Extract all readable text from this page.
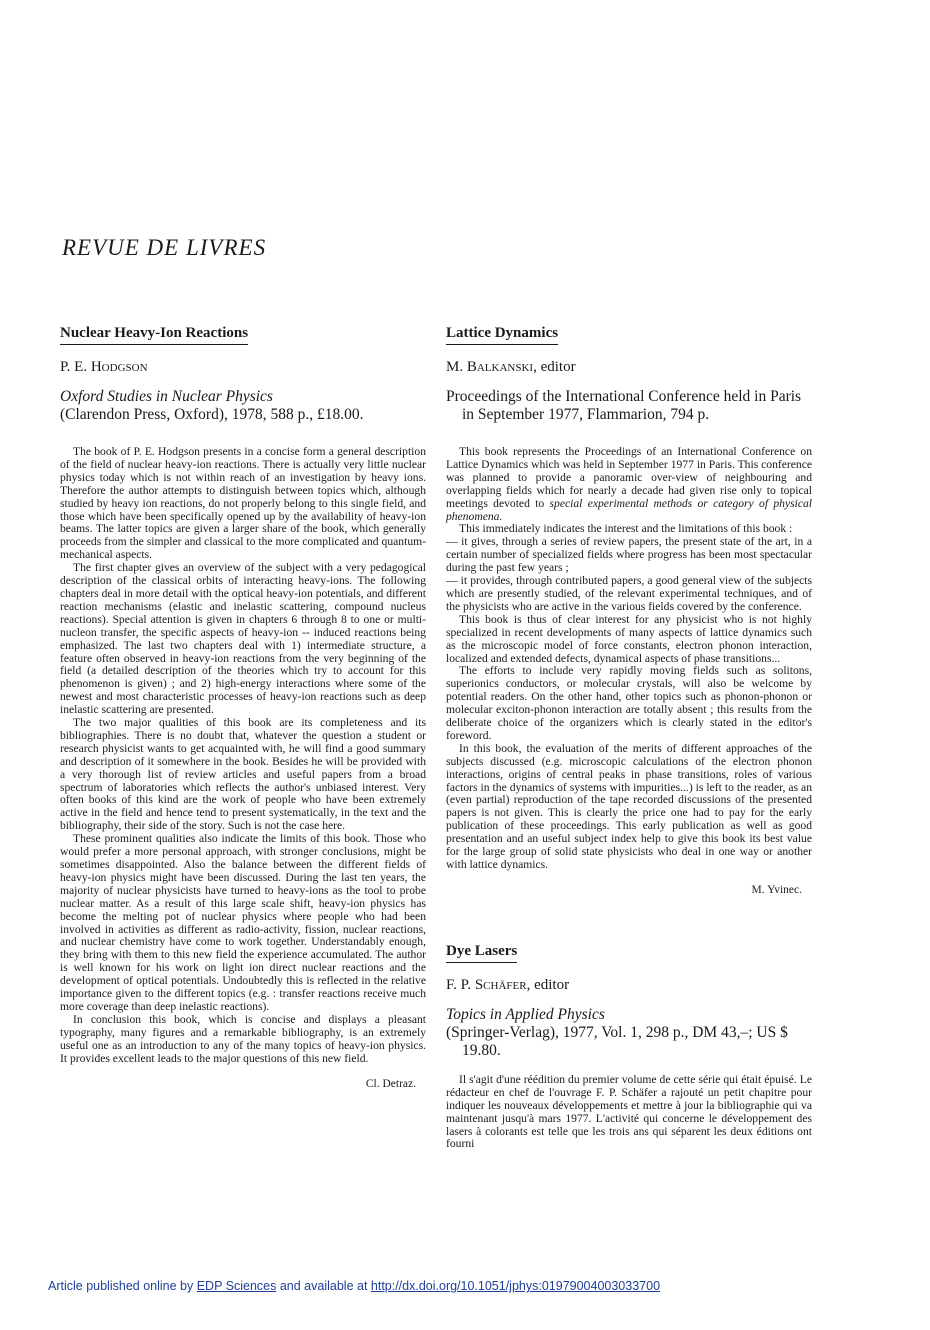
REVUE DE LIVRES
Nuclear Heavy-Ion Reactions
P. E. Hodgson
Oxford Studies in Nuclear Physics
(Clarendon Press, Oxford), 1978, 588 p., £18.00.

The book of P. E. Hodgson presents in a concise form a general description of the field of nuclear heavy-ion reactions. There is actually very little nuclear physics today which is not within reach of an investigation by heavy ions. Therefore the author attempts to distinguish between topics which, although studied by heavy ion reactions, do not properly belong to this single field, and those which have been specifically opened up by the availability of heavy-ion beams. The latter topics are given a larger share of the book, which generally proceeds from the simpler and classical to the more complicated and quantum-mechanical aspects.

The first chapter gives an overview of the subject with a very pedagogical description of the classical orbits of interacting heavy-ions. The following chapters deal in more detail with the optical heavy-ion potentials, and different reaction mechanisms (elastic and inelastic scattering, compound nucleus reactions). Special attention is given in chapters 6 through 8 to one or multi-nucleon transfer, the specific aspects of heavy-ion -- induced reactions being emphasized. The last two chapters deal with 1) intermediate structure, a feature often observed in heavy-ion reactions from the very beginning of the field (a detailed description of the theories which try to account for this phenomenon is given) ; and 2) high-energy interactions where some of the newest and most characteristic processes of heavy-ion reactions such as deep inelastic scattering are presented.

The two major qualities of this book are its completeness and its bibliographies. There is no doubt that, whatever the question a student or research physicist wants to get acquainted with, he will find a good summary and description of it somewhere in the book. Besides he will be provided with a very thorough list of review articles and useful papers from a broad spectrum of laboratories which reflects the author's unbiased interest. Very often books of this kind are the work of people who have been extremely active in the field and hence tend to present systematically, in the text and the bibliography, their side of the story. Such is not the case here.

These prominent qualities also indicate the limits of this book. Those who would prefer a more personal approach, with stronger conclusions, might be sometimes disappointed. Also the balance between the different fields of heavy-ion physics might have been discussed. During the last ten years, the majority of nuclear physicists have turned to heavy-ions as the tool to probe nuclear matter. As a result of this large scale shift, heavy-ion physics has become the melting pot of nuclear physics where people who had been involved in activities as different as radio-activity, fission, nuclear reactions, and nuclear chemistry have come to work together. Understandably enough, they bring with them to this new field the experience accumulated. The author is well known for his work on light ion direct nuclear reactions and the development of optical potentials. Undoubtedly this is reflected in the relative importance given to the different topics (e.g. : transfer reactions receive much more coverage than deep inelastic reactions).

In conclusion this book, which is concise and displays a pleasant typography, many figures and a remarkable bibliography, is an extremely useful one as an introduction to any of the many topics of heavy-ion physics. It provides excellent leads to the major questions of this new field.

Cl. Detraz.
Lattice Dynamics
M. Balkanski, editor
Proceedings of the International Conference held in Paris in September 1977, Flammarion, 794 p.

This book represents the Proceedings of an International Conference on Lattice Dynamics which was held in September 1977 in Paris. This conference was planned to provide a panoramic over-view of neighbouring and overlapping fields which for nearly a decade had given rise only to topical meetings devoted to special experimental methods or category of physical phenomena.

This immediately indicates the interest and the limitations of this book :

— it gives, through a series of review papers, the present state of the art, in a certain number of specialized fields where progress has been most spectacular during the past few years ;

— it provides, through contributed papers, a good general view of the subjects which are presently studied, of the relevant experimental techniques, and of the physicists who are active in the various fields covered by the conference.

This book is thus of clear interest for any physicist who is not highly specialized in recent developments of many aspects of lattice dynamics such as the microscopic model of force constants, electron phonon interaction, localized and extended defects, dynamical aspects of phase transitions...

The efforts to include very rapidly moving fields such as solitons, superionics conductors, or molecular crystals, will also be welcome by potential readers. On the other hand, other topics such as phonon-phonon or molecular exciton-phonon interaction are totally absent ; this results from the deliberate choice of the organizers which is clearly stated in the editor's foreword.

In this book, the evaluation of the merits of different approaches of the subjects discussed (e.g. microscopic calculations of the electron phonon interactions, origins of central peaks in phase transitions, roles of various factors in the dynamics of systems with impurities...) is left to the reader, as an (even partial) reproduction of the tape recorded discussions of the presented papers is not given. This is clearly the price one had to pay for the early publication of these proceedings. This early publication as well as good presentation and an useful subject index help to give this book its best value for the large group of solid state physicists who deal in one way or another with lattice dynamics.

M. Yvinec.
Dye Lasers
F. P. Schäfer, editor
Topics in Applied Physics
(Springer-Verlag), 1977, Vol. 1, 298 p., DM 43,–; US $ 19.80.

Il s'agit d'une réédition du premier volume de cette série qui était épuisé. Le rédacteur en chef de l'ouvrage F. P. Schäfer a rajouté un petit chapitre pour indiquer les nouveaux développements et mettre à jour la bibliographie qui va maintenant jusqu'à mars 1977. L'activité qui concerne le développement des lasers à colorants est telle que les trois ans qui séparent les deux éditions ont fourni

Article published online by EDP Sciences and available at http://dx.doi.org/10.1051/jphys:01979004003033700
